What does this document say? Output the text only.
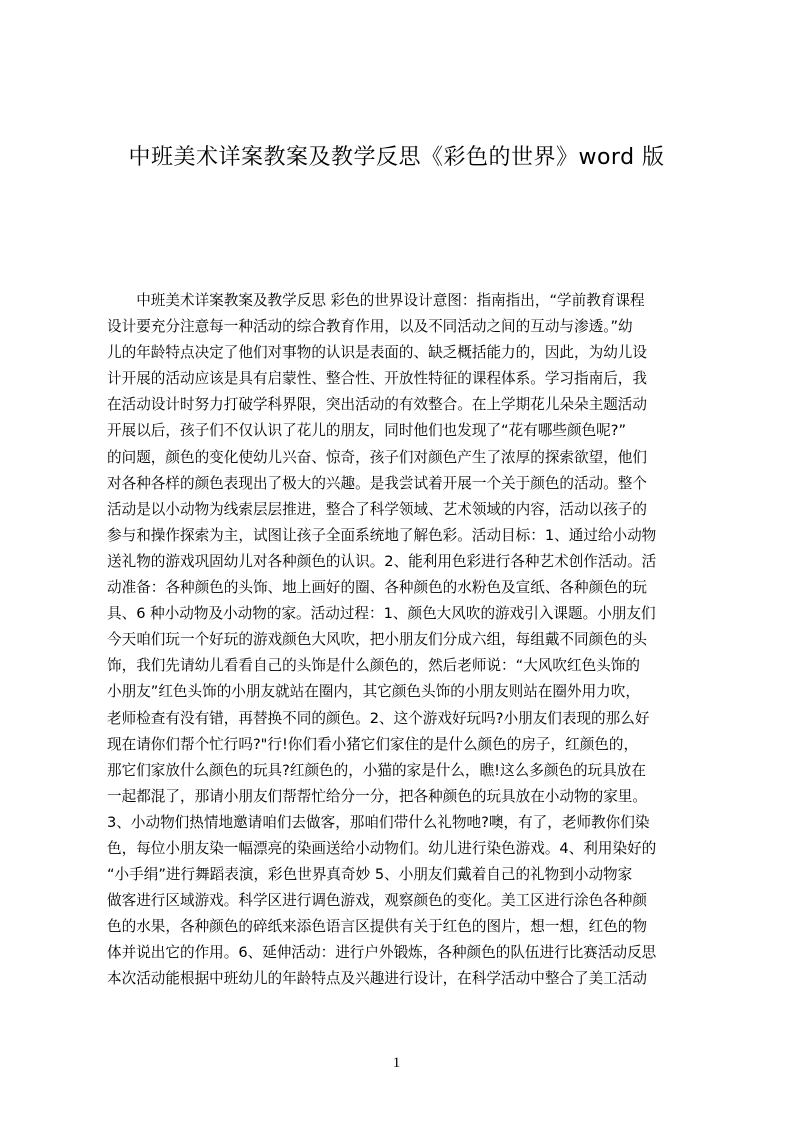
中班美术详案教案及教学反思《彩色的世界》word 版
　　中班美术详案教案及教学反思 彩色的世界设计意图：指南指出，“学前教育课程
设计要充分注意每一种活动的综合教育作用，以及不同活动之间的互动与渗透。”幼
儿的年龄特点决定了他们对事物的认识是表面的、缺乏概括能力的，因此，为幼儿设
计开展的活动应该是具有启蒙性、整合性、开放性特征的课程体系。学习指南后，我
在活动设计时努力打破学科界限，突出活动的有效整合。在上学期花儿朵朵主题活动
开展以后，孩子们不仅认识了花儿的朋友，同时他们也发现了“花有哪些颜色呢?”
的问题，颜色的变化使幼儿兴奋、惊奇，孩子们对颜色产生了浓厚的探索欲望，他们
对各种各样的颜色表现出了极大的兴趣。是我尝试着开展一个关于颜色的活动。整个
活动是以小动物为线索层层推进，整合了科学领域、艺术领域的内容，活动以孩子的
参与和操作探索为主，试图让孩子全面系统地了解色彩。活动目标：1、通过给小动物
送礼物的游戏巩固幼儿对各种颜色的认识。2、能利用色彩进行各种艺术创作活动。活
动准备：各种颜色的头饰、地上画好的圈、各种颜色的水粉色及宣纸、各种颜色的玩
具、6 种小动物及小动物的家。活动过程：1、颜色大风吹的游戏引入课题。小朋友们
今天咱们玩一个好玩的游戏颜色大风吹，把小朋友们分成六组，每组戴不同颜色的头
饰，我们先请幼儿看看自己的头饰是什么颜色的，然后老师说：“大风吹红色头饰的
小朋友”红色头饰的小朋友就站在圈内，其它颜色头饰的小朋友则站在圈外用力吹，
老师检查有没有错，再替换不同的颜色。2、这个游戏好玩吗?小朋友们表现的那么好
现在请你们帮个忙行吗?"行!你们看小猪它们家住的是什么颜色的房子，红颜色的，
那它们家放什么颜色的玩具?红颜色的，小猫的家是什么，瞧!这么多颜色的玩具放在
一起都混了，那请小朋友们帮帮忙给分一分，把各种颜色的玩具放在小动物的家里。
3、小动物们热情地邀请咱们去做客，那咱们带什么礼物吔?噢，有了，老师教你们染
色，每位小朋友染一幅漂亮的染画送给小动物们。幼儿进行染色游戏。4、利用染好的
“小手绢”进行舞蹈表演，彩色世界真奇妙 5、小朋友们戴着自己的礼物到小动物家
做客进行区域游戏。科学区进行调色游戏，观察颜色的变化。美工区进行涂色各种颜
色的水果，各种颜色的碎纸来添色语言区提供有关于红色的图片，想一想，红色的物
体并说出它的作用。6、延伸活动：进行户外锻炼，各种颜色的队伍进行比赛活动反思
本次活动能根据中班幼儿的年龄特点及兴趣进行设计，在科学活动中整合了美工活动
1
